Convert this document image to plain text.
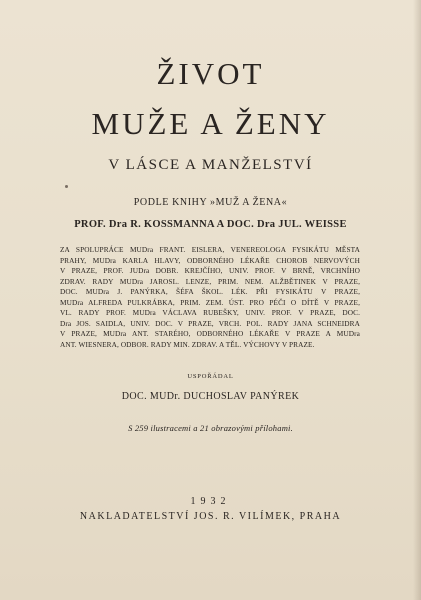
ŽIVOT
MUŽE A ŽENY
V LÁSCE A MANŽELSTVÍ
PODLE KNIHY »MUŽ A ŽENA«
PROF. Dra R. KOSSMANNA A DOC. Dra JUL. WEISSE
ZA SPOLUPRÁCE MUDra FRANT. EISLERA, VENEREOLOGA FYSIKÁTU MĚSTA
PRAHY, MUDra KARLA HLAVY, ODBORNÉHO LÉKAŘE CHOROB NERVOVÝCH
V PRAZE, PROF. JUDra DOBR. KREJČÍHO, UNIV. PROF. V BRNĚ, VRCHNÍHO
ZDRAV. RADY MUDra JAROSL. LENZE, PRIM. NEM. ALŽBĚTINEK V PRAZE,
DOC. MUDra J. PANÝRKA, ŠÉFA ŠKOL. LÉK. PŘI FYSIKÁTU V PRAZE,
MUDra ALFREDA PULKRÁBKA, PRIM. ZEM. ÚST. PRO PÉČI O DÍTĚ V PRAZE,
VL. RADY PROF. MUDra VÁCLAVA RUBEŠKY, UNIV. PROF. V PRAZE, DOC.
Dra JOS. SAIDLA, UNIV. DOC. V PRAZE, VRCH. POL. RADY JANA SCHNEIDRA
V PRAZE, MUDra ANT. STARÉHO, ODBORNÉHO LÉKAŘE V PRAZE A MUDra
ANT. WIESNERA, ODBOR. RADY MIN. ZDRAV. A TĚL. VÝCHOVY V PRAZE.
USPOŘÁDAL
DOC. MUDr. DUCHOSLAV PANÝREK
S 259 ilustracemi a 21 obrazovými přílohami.
1932
NAKLADATELSTVÍ JOS. R. VILÍMEK, PRAHA
